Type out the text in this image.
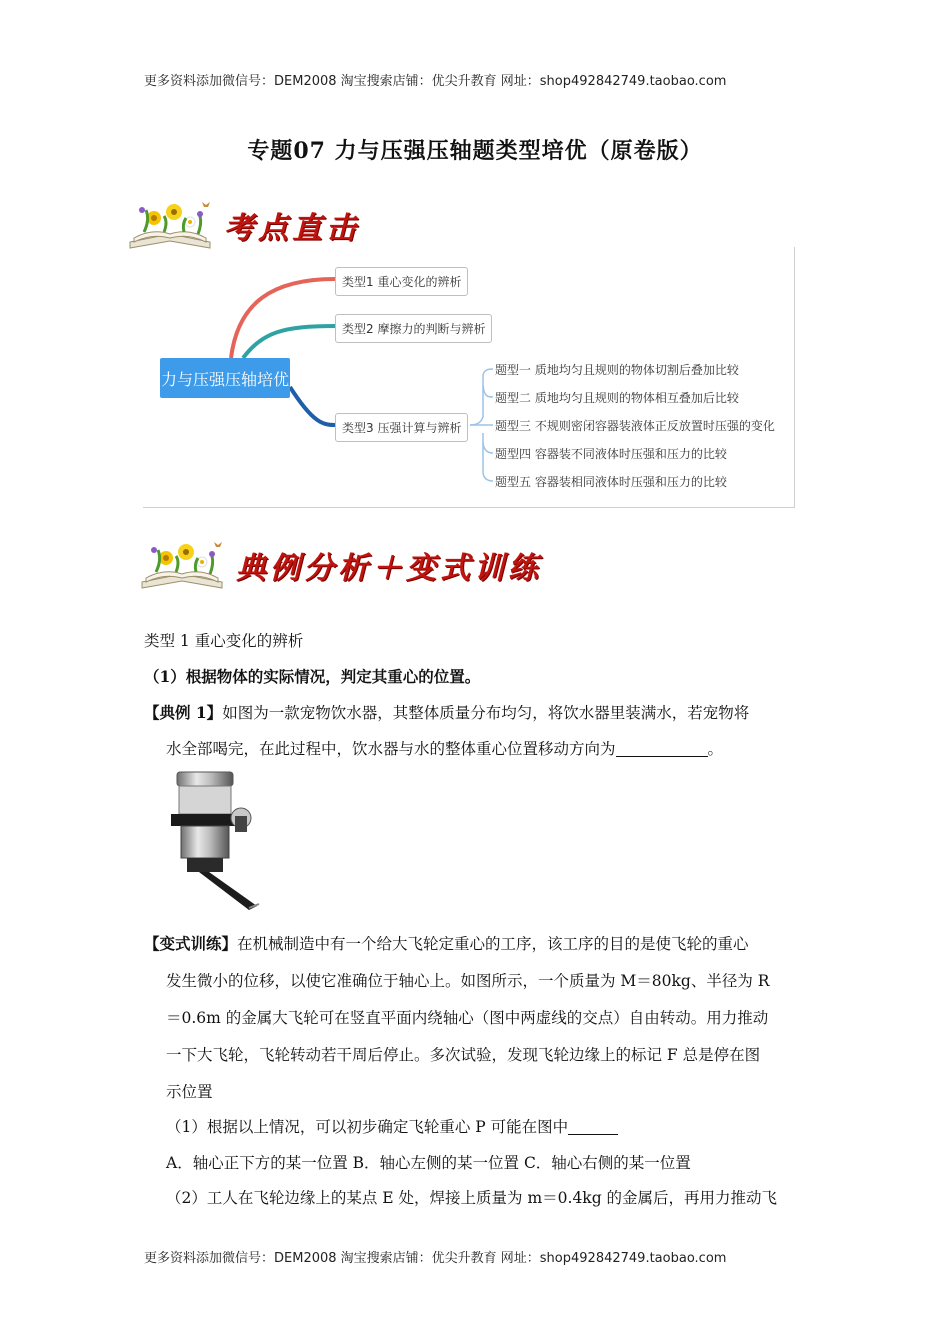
更多资料添加微信号：DEM2008 淘宝搜索店铺：优尖升教育 网址：shop492842749.taobao.com
专题07 力与压强压轴题类型培优（原卷版）
考点直击
力与压强压轴培优
类型1 重心变化的辨析
类型2 摩擦力的判断与辨析
类型3 压强计算与辨析
题型一 质地均匀且规则的物体切割后叠加比较
题型二 质地均匀且规则的物体相互叠加后比较
题型三 不规则密闭容器装液体正反放置时压强的变化
题型四 容器装不同液体时压强和压力的比较
题型五 容器装相同液体时压强和压力的比较
典例分析＋变式训练
类型 1 重心变化的辨析
（1）根据物体的实际情况，判定其重心的位置。
【典例 1】如图为一款宠物饮水器，其整体质量分布均匀，将饮水器里装满水，若宠物将
水全部喝完，在此过程中，饮水器与水的整体重心位置移动方向为	。
【变式训练】在机械制造中有一个给大飞轮定重心的工序，该工序的目的是使飞轮的重心
发生微小的位移，以使它准确位于轴心上。如图所示，一个质量为 M＝80kg、半径为 R
＝0.6m 的金属大飞轮可在竖直平面内绕轴心（图中两虚线的交点）自由转动。用力推动
一下大飞轮，飞轮转动若干周后停止。多次试验，发现飞轮边缘上的标记 F 总是停在图
示位置
（1）根据以上情况，可以初步确定飞轮重心 P 可能在图中
A．轴心正下方的某一位置 B．轴心左侧的某一位置 C．轴心右侧的某一位置
（2）工人在飞轮边缘上的某点 E 处，焊接上质量为 m＝0.4kg 的金属后，再用力推动飞
更多资料添加微信号：DEM2008 淘宝搜索店铺：优尖升教育 网址：shop492842749.taobao.com
